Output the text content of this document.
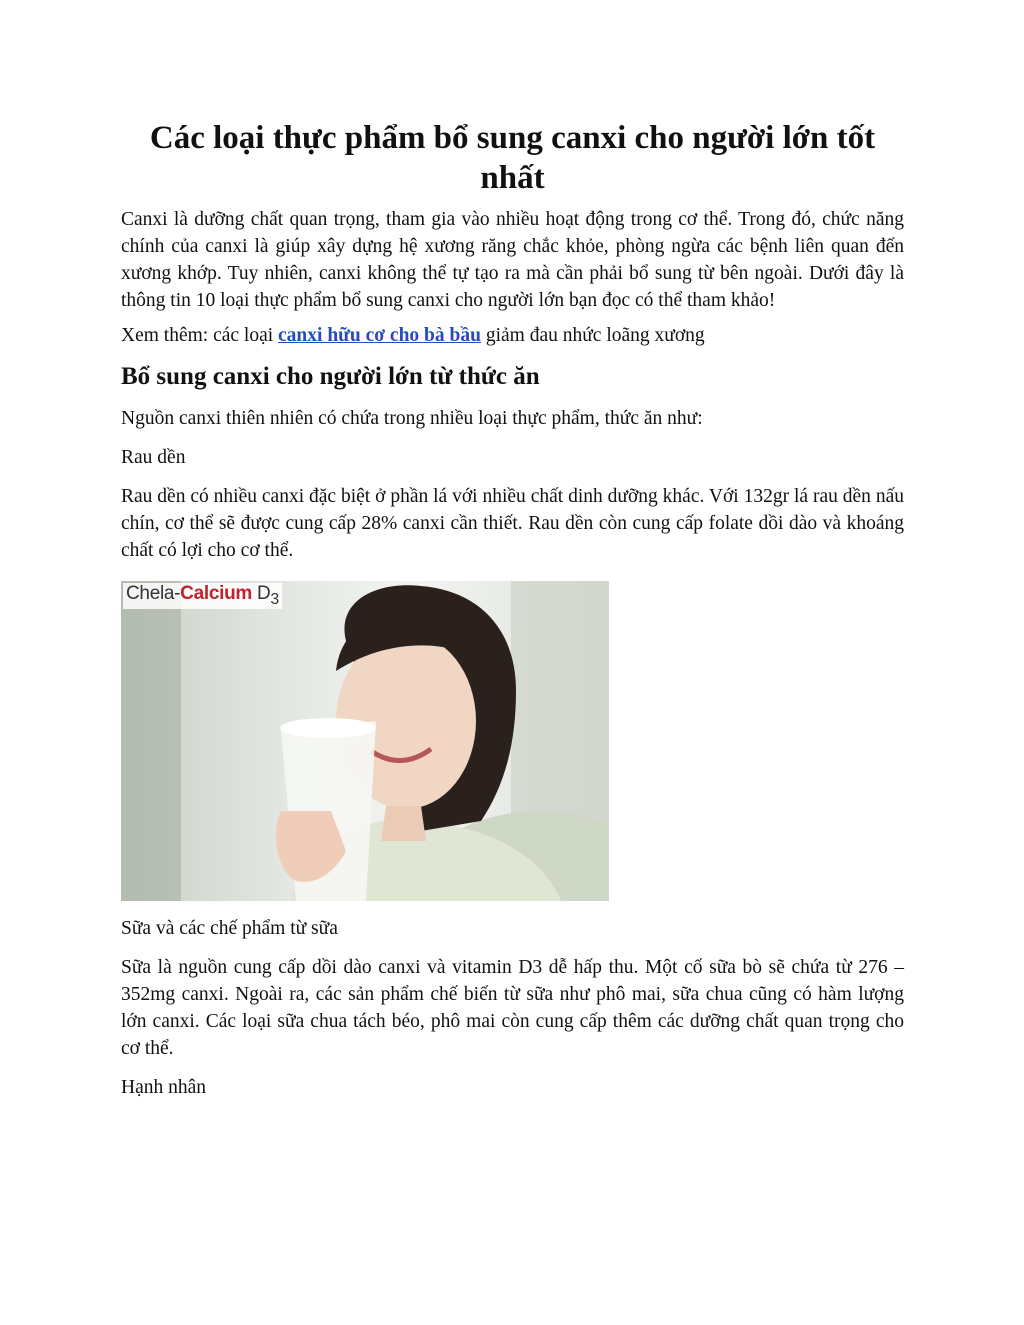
Các loại thực phẩm bổ sung canxi cho người lớn tốt nhất

Canxi là dưỡng chất quan trọng, tham gia vào nhiều hoạt động trong cơ thể. Trong đó, chức năng chính của canxi là giúp xây dựng hệ xương răng chắc khỏe, phòng ngừa các bệnh liên quan đến xương khớp. Tuy nhiên, canxi không thể tự tạo ra mà cần phải bổ sung từ bên ngoài. Dưới đây là thông tin 10 loại thực phẩm bổ sung canxi cho người lớn bạn đọc có thể tham khảo!

Xem thêm: các loại canxi hữu cơ cho bà bầu giảm đau nhức loãng xương

Bổ sung canxi cho người lớn từ thức ăn

Nguồn canxi thiên nhiên có chứa trong nhiều loại thực phẩm, thức ăn như:

Rau dền

Rau dền có nhiều canxi đặc biệt ở phần lá với nhiều chất dinh dưỡng khác. Với 132gr lá rau dền nấu chín, cơ thể sẽ được cung cấp 28% canxi cần thiết. Rau dền còn cung cấp folate dồi dào và khoáng chất có lợi cho cơ thể.

Chela-Calcium $D_3$

Sữa và các chế phẩm từ sữa

Sữa là nguồn cung cấp dồi dào canxi và vitamin D3 dễ hấp thu. Một cố sữa bò sẽ chứa từ 276 – 352mg canxi. Ngoài ra, các sản phẩm chế biến từ sữa như phô mai, sữa chua cũng có hàm lượng lớn canxi. Các loại sữa chua tách béo, phô mai còn cung cấp thêm các dưỡng chất quan trọng cho cơ thể.

Hạnh nhân
